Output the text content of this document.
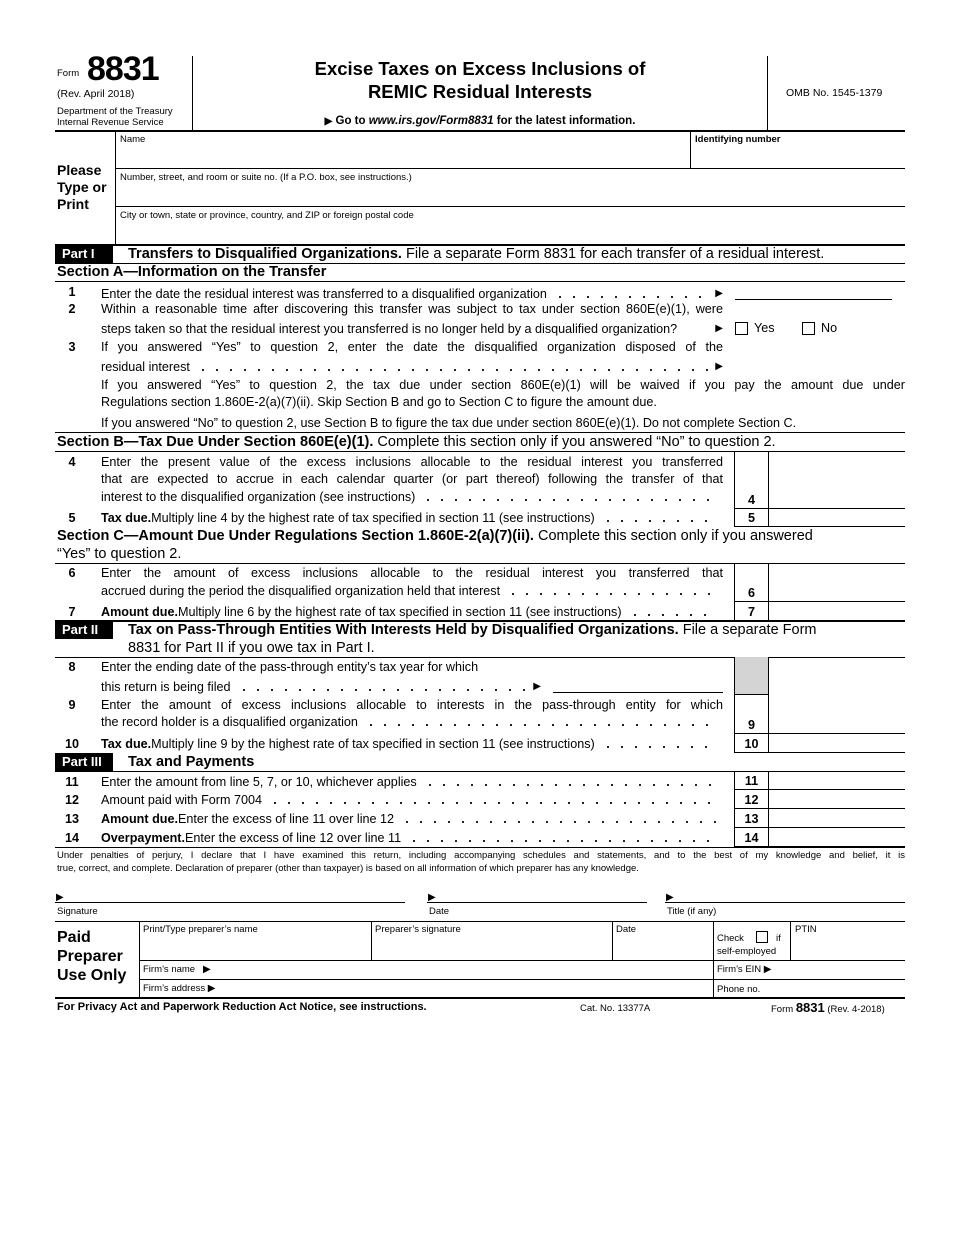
Form 8831
(Rev. April 2018)
Department of the Treasury
Internal Revenue Service
Excise Taxes on Excess Inclusions of
REMIC Residual Interests
▶ Go to www.irs.gov/Form8831 for the latest information.
OMB No. 1545-1379
Please
Type or
Print
Name	Identifying number
Number, street, and room or suite no. (If a P.O. box, see instructions.)
City or town, state or province, country, and ZIP or foreign postal code
Part I	Transfers to Disqualified Organizations. File a separate Form 8831 for each transfer of a residual interest.
Section A—Information on the Transfer
1	Enter the date the residual interest was transferred to a disqualified organization
▶
2	Within a reasonable time after discovering this transfer was subject to tax under section 860E(e)(1), were
steps taken so that the residual interest you transferred is no longer held by a disqualified organization? ▶	Yes	No
3	If you answered “Yes” to question 2, enter the date the disqualified organization disposed of the
residual interest
▶
If you answered “Yes” to question 2, the tax due under section 860E(e)(1) will be waived if you pay the amount due under
Regulations section 1.860E-2(a)(7)(ii). Skip Section B and go to Section C to figure the amount due.
If you answered “No” to question 2, use Section B to figure the tax due under section 860E(e)(1). Do not complete Section C.
Section B—Tax Due Under Section 860E(e)(1). Complete this section only if you answered “No” to question 2.
4	Enter the present value of the excess inclusions allocable to the residual interest you transferred
that are expected to accrue in each calendar quarter (or part thereof) following the transfer of that
interest to the disqualified organization (see instructions)	4
5	Tax due. Multiply line 4 by the highest rate of tax specified in section 11 (see instructions)	5
Section C—Amount Due Under Regulations Section 1.860E-2(a)(7)(ii). Complete this section only if you answered
“Yes” to question 2.
6	Enter the amount of excess inclusions allocable to the residual interest you transferred that
accrued during the period the disqualified organization held that interest	6
7	Amount due. Multiply line 6 by the highest rate of tax specified in section 11 (see instructions)	7
Part II	Tax on Pass-Through Entities With Interests Held by Disqualified Organizations. File a separate Form
8831 for Part II if you owe tax in Part I.
8	Enter the ending date of the pass-through entity’s tax year for which
this return is being filed
▶
9	Enter the amount of excess inclusions allocable to interests in the pass-through entity for which
the record holder is a disqualified organization	9
10 Tax due. Multiply line 9 by the highest rate of tax specified in section 11 (see instructions)	10
Part III	Tax and Payments
11 Enter the amount from line 5, 7, or 10, whichever applies	11
12 Amount paid with Form 7004	12
13 Amount due. Enter the excess of line 11 over line 12	13
14 Overpayment. Enter the excess of line 12 over line 11	14
Under penalties of perjury, I declare that I have examined this return, including accompanying schedules and statements, and to the best of my knowledge and belief, it is
true, correct, and complete. Declaration of preparer (other than taxpayer) is based on all information of which preparer has any knowledge.
▶
▶
▶
Signature	Date	Title (if any)
Paid
Preparer
Use Only
Print/Type preparer’s name	Preparer’s signature	Date
Check	if
self-employed
PTIN
Firm’s name ▶	Firm’s EIN ▶
Firm’s address ▶	Phone no.
For Privacy Act and Paperwork Reduction Act Notice, see instructions.	Cat. No. 13377A	Form 8831 (Rev. 4-2018)
